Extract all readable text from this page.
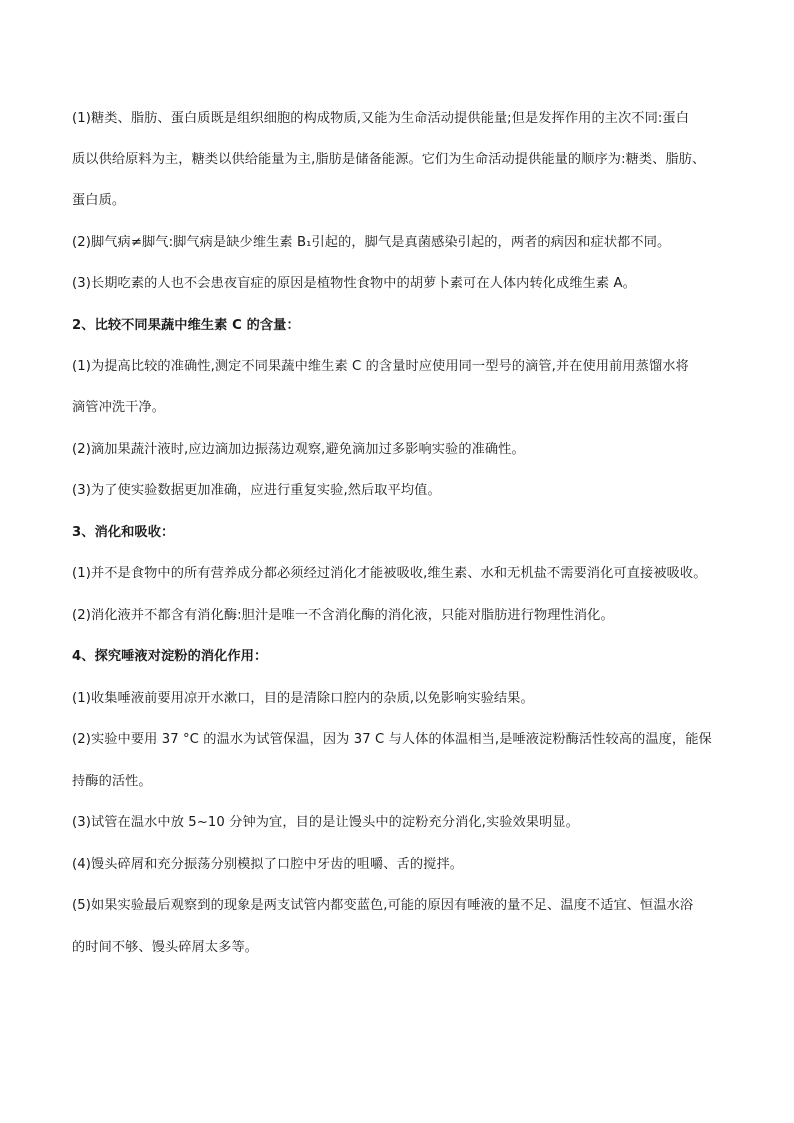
(1)糖类、脂肪、蛋白质既是组织细胞的构成物质,又能为生命活动提供能量;但是发挥作用的主次不同:蛋白
质以供给原料为主，糖类以供给能量为主,脂肪是储备能源。它们为生命活动提供能量的顺序为:糖类、脂肪、
蛋白质。
(2)脚气病≠脚气:脚气病是缺少维生素 B₁引起的，脚气是真菌感染引起的，两者的病因和症状都不同。
(3)长期吃素的人也不会患夜盲症的原因是植物性食物中的胡萝卜素可在人体内转化成维生素 A。
2、比较不同果蔬中维生素 C 的含量：
(1)为提高比较的准确性,测定不同果蔬中维生素 C 的含量时应使用同一型号的滴管,并在使用前用蒸馏水将
滴管冲洗干净。
(2)滴加果蔬汁液时,应边滴加边振荡边观察,避免滴加过多影响实验的准确性。
(3)为了使实验数据更加准确，应进行重复实验,然后取平均值。
3、消化和吸收：
(1)并不是食物中的所有营养成分都必须经过消化才能被吸收,维生素、水和无机盐不需要消化可直接被吸收。
(2)消化液并不都含有消化酶:胆汁是唯一不含消化酶的消化液，只能对脂肪进行物理性消化。
4、探究唾液对淀粉的消化作用：
(1)收集唾液前要用凉开水漱口，目的是清除口腔内的杂质,以免影响实验结果。
(2)实验中要用 37 °C 的温水为试管保温，因为 37 C 与人体的体温相当,是唾液淀粉酶活性较高的温度，能保
持酶的活性。
(3)试管在温水中放 5~10 分钟为宜，目的是让馒头中的淀粉充分消化,实验效果明显。
(4)馒头碎屑和充分振荡分别模拟了口腔中牙齿的咀嚼、舌的搅拌。
(5)如果实验最后观察到的现象是两支试管内都变蓝色,可能的原因有唾液的量不足、温度不适宜、恒温水浴
的时间不够、馒头碎屑太多等。
